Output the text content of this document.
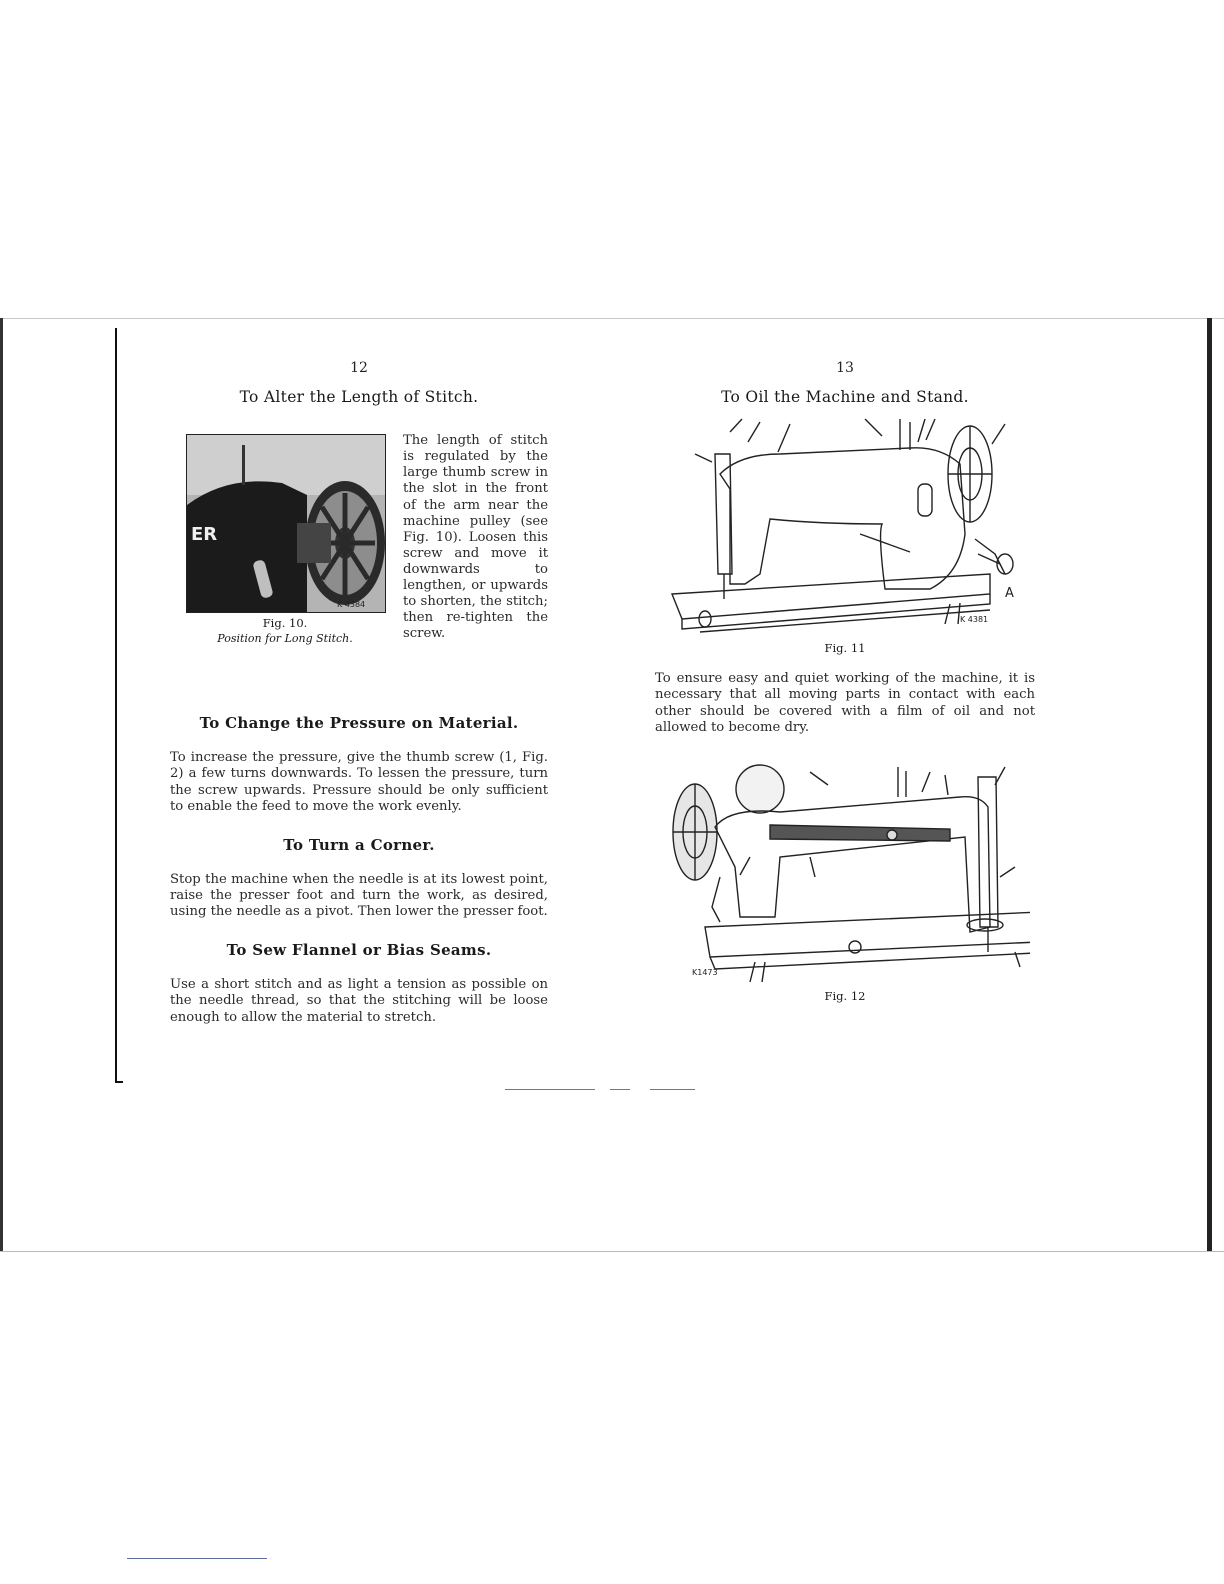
12

To Alter the Length of Stitch.
ER
K 4384
Fig. 10.
Position for Long Stitch.

The length of stitch is regulated by the large thumb screw in the slot in the front of the arm near the machine pulley (see Fig. 10). Loosen this screw and move it downwards to lengthen, or upwards to shorten, the stitch; then re-tighten the screw.

To Change the Pressure on Material.

To increase the pressure, give the thumb screw (1, Fig. 2) a few turns downwards. To lessen the pressure, turn the screw upwards. Pressure should be only sufficient to enable the feed to move the work evenly.

To Turn a Corner.

Stop the machine when the needle is at its lowest point, raise the presser foot and turn the work, as desired, using the needle as a pivot. Then lower the presser foot.

To Sew Flannel or Bias Seams.

Use a short stitch and as light a tension as possible on the needle thread, so that the stitching will be loose enough to allow the material to stretch.

13

To Oil the Machine and Stand.
A
K 4381

Fig. 11

To ensure easy and quiet working of the machine, it is necessary that all moving parts in contact with each other should be covered with a film of oil and not allowed to become dry.

K1473

Fig. 12
